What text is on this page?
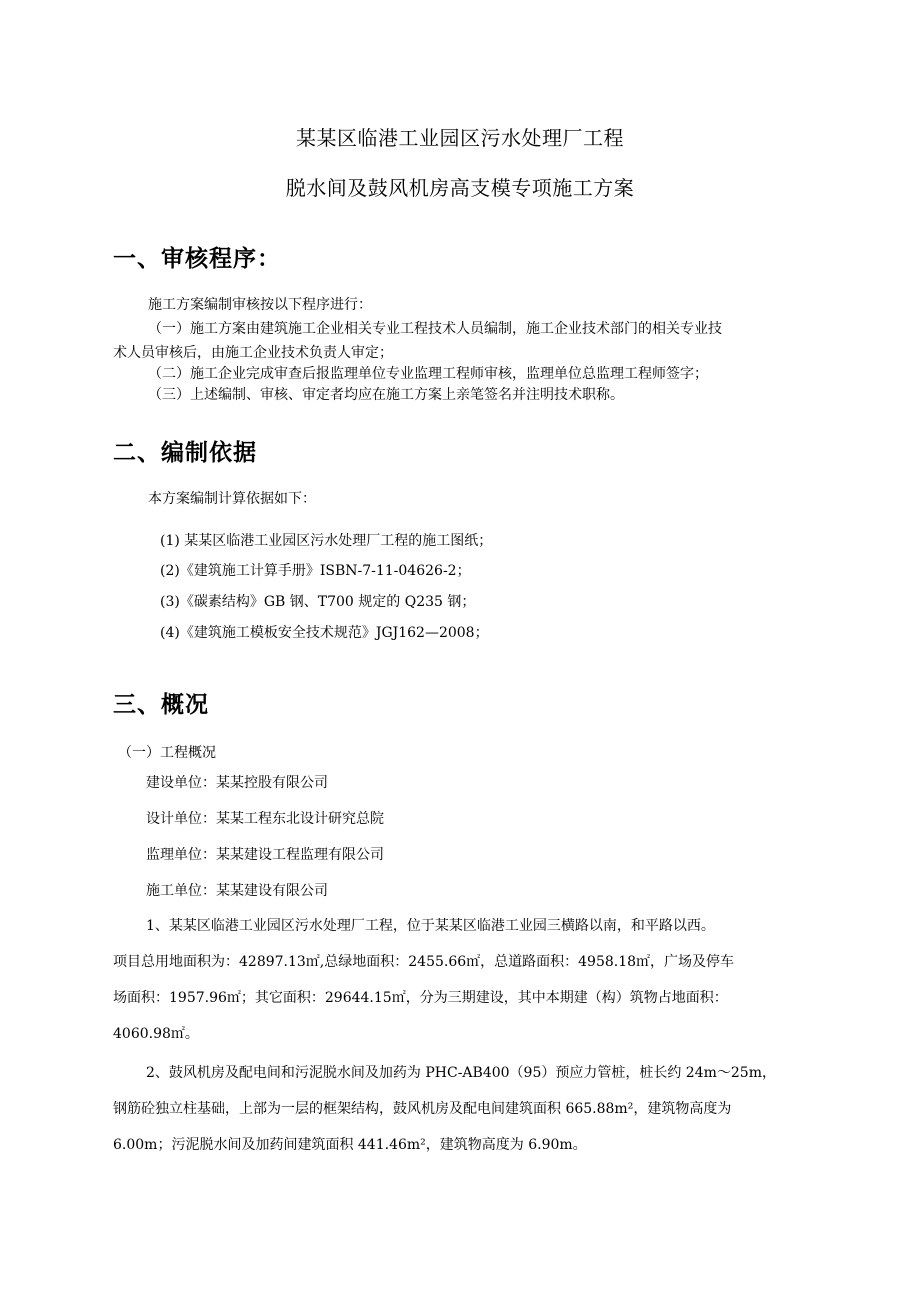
某某区临港工业园区污水处理厂工程
脱水间及鼓风机房高支模专项施工方案
一、审核程序：
施工方案编制审核按以下程序进行：
（一）施工方案由建筑施工企业相关专业工程技术人员编制，施工企业技术部门的相关专业技
术人员审核后，由施工企业技术负责人审定；
（二）施工企业完成审查后报监理单位专业监理工程师审核，监理单位总监理工程师签字；
（三）上述编制、审核、审定者均应在施工方案上亲笔签名并注明技术职称。
二、编制依据
本方案编制计算依据如下：
(1) 某某区临港工业园区污水处理厂工程的施工图纸；
(2)《建筑施工计算手册》ISBN-7-11-04626-2；
(3)《碳素结构》GB 钢、T700 规定的 Q235 钢；
(4)《建筑施工模板安全技术规范》JGJ162—2008；
三、概况
（一）工程概况
建设单位：某某控股有限公司
设计单位：某某工程东北设计研究总院
监理单位：某某建设工程监理有限公司
施工单位：某某建设有限公司
1、某某区临港工业园区污水处理厂工程，位于某某区临港工业园三横路以南，和平路以西。
项目总用地面积为：42897.13㎡,总绿地面积：2455.66㎡，总道路面积：4958.18㎡，广场及停车
场面积：1957.96㎡；其它面积：29644.15㎡，分为三期建设，其中本期建（构）筑物占地面积：
4060.98㎡。
2、鼓风机房及配电间和污泥脱水间及加药为 PHC-AB400（95）预应力管桩，桩长约 24m～25m，
钢筋砼独立柱基础，上部为一层的框架结构，鼓风机房及配电间建筑面积 665.88m²，建筑物高度为
6.00m；污泥脱水间及加药间建筑面积 441.46m²，建筑物高度为 6.90m。
